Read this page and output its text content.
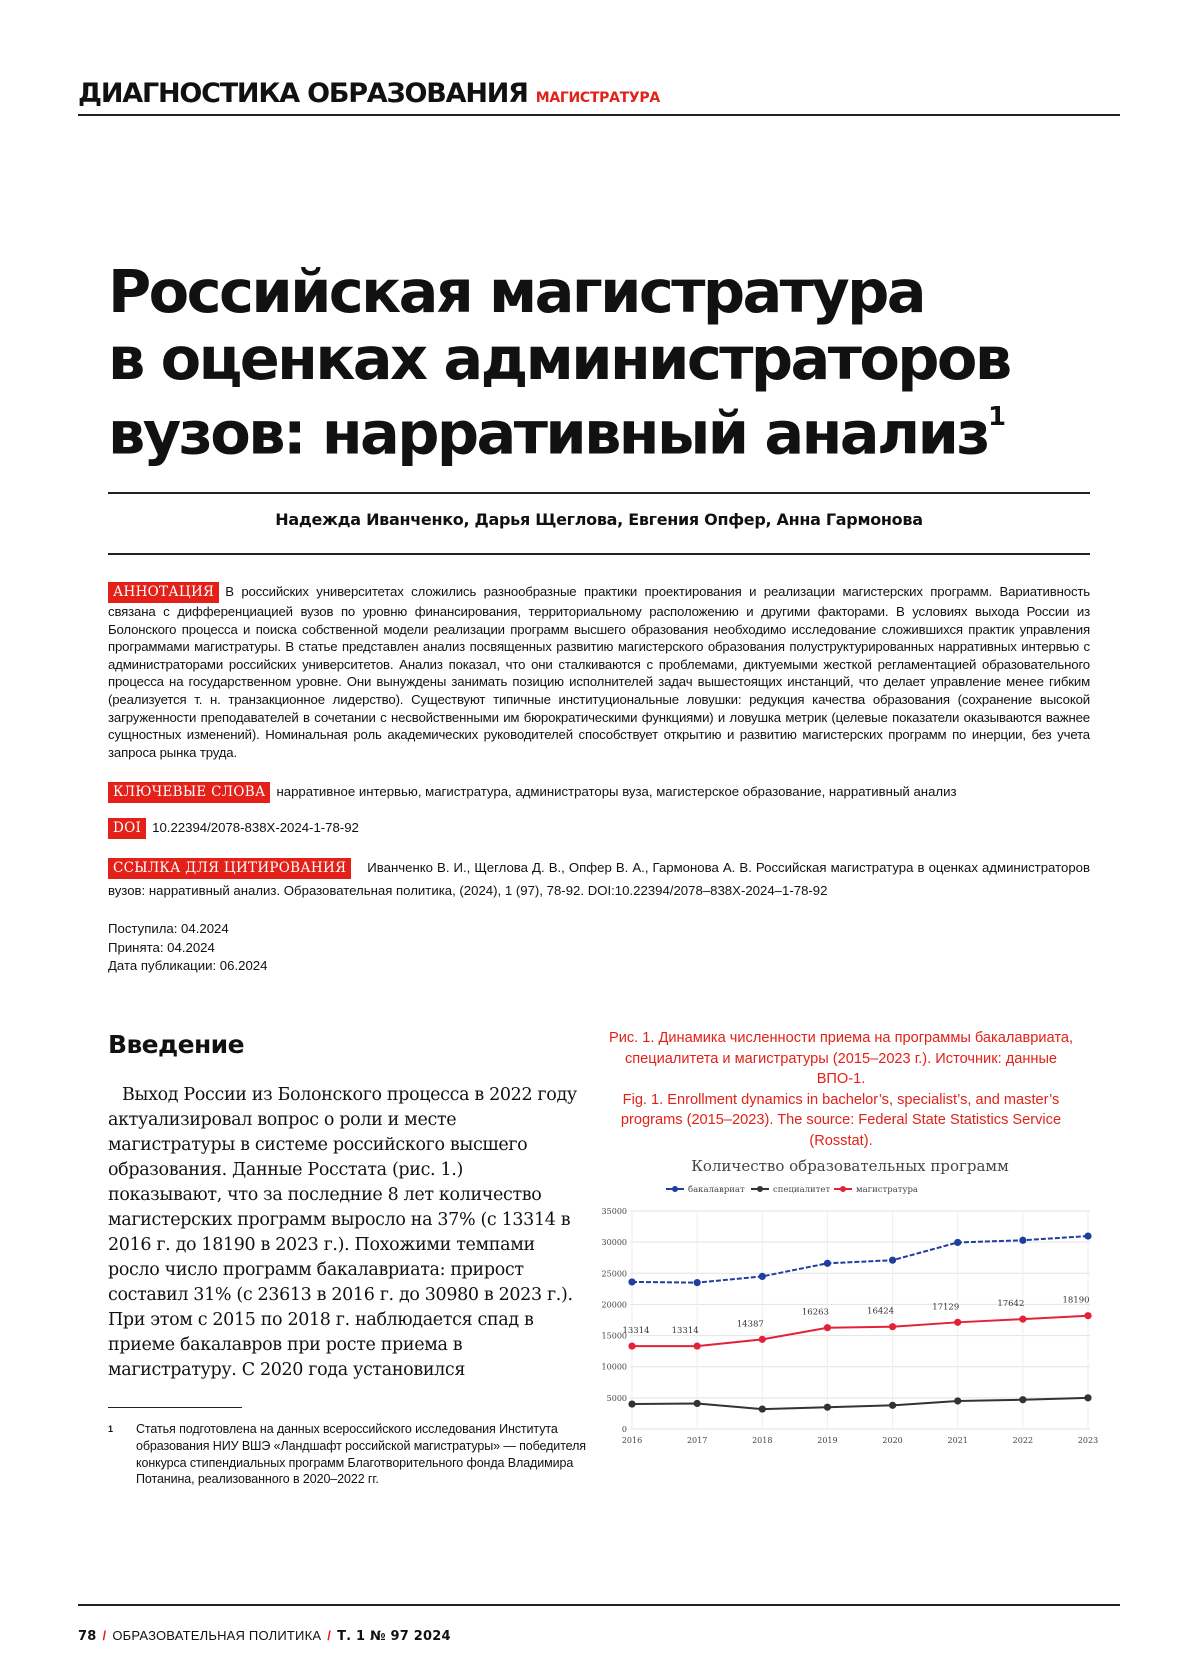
ДИАГНОСТИКА ОБРАЗОВАНИЯ МАГИСТРАТУРА
Российская магистратура
в оценках администраторов
вузов: нарративный анализ1
Надежда Иванченко, Дарья Щеглова, Евгения Опфер, Анна Гармонова
АННОТАЦИЯ В российских университетах сложились разнообразные практики проектирования и реализации магистерских программ. Вариативность связана с дифференциацией вузов по уровню финансирования, территориальному расположению и другими факторами. В условиях выхода России из Болонского процесса и поиска собственной модели реализации программ высшего образования необходимо исследование сложившихся практик управления программами магистратуры. В статье представлен анализ посвященных развитию магистерского образования полуструктурированных нарративных интервью с администраторами российских университетов. Анализ показал, что они сталкиваются с проблемами, диктуемыми жесткой регламентацией образовательного процесса на государственном уровне. Они вынуждены занимать позицию исполнителей задач вышестоящих инстанций, что делает управление менее гибким (реализуется т. н. транзакционное лидерство). Существуют типичные институциональные ловушки: редукция качества образования (сохранение высокой загруженности преподавателей в сочетании с несвойственными им бюрократическими функциями) и ловушка метрик (целевые показатели оказываются важнее сущностных изменений). Номинальная роль академических руководителей способствует открытию и развитию магистерских программ по инерции, без учета запроса рынка труда.
КЛЮЧЕВЫЕ СЛОВА нарративное интервью, магистратура, администраторы вуза, магистерское образование, нарративный анализ
DOI 10.22394/2078-838X-2024-1-78-92
ССЫЛКА ДЛЯ ЦИТИРОВАНИЯ Иванченко В. И., Щеглова Д. В., Опфер В. А., Гармонова А. В. Российская магистратура в оценках администраторов вузов: нарративный анализ. Образовательная политика, (2024), 1 (97), 78-92. DOI:10.22394/2078–838X-2024–1-78-92
Поступила: 04.2024
Принята: 04.2024
Дата публикации: 06.2024
Введение
Выход России из Болонского процесса в 2022 году актуализировал вопрос о роли и месте магистратуры в системе российского высшего образования. Данные Росстата (рис. 1.) показывают, что за последние 8 лет количество магистерских программ выросло на 37% (с 13314 в 2016 г. до 18190 в 2023 г.). Похожими темпами росло число программ бакалавриата: прирост составил 31% (с 23613 в 2016 г. до 30980 в 2023 г.). При этом с 2015 по 2018 г. наблюдается спад в приеме бакалавров при росте приема в магистратуру. С 2020 года установился
1 Статья подготовлена на данных всероссийского исследования Института образования НИУ ВШЭ «Ландшафт российской магистратуры» — победителя конкурса стипендиальных программ Благотворительного фонда Владимира Потанина, реализованного в 2020–2022 гг.
Рис. 1. Динамика численности приема на программы бакалавриата, специалитета и магистратуры (2015–2023 г.). Источник: данные ВПО-1.
Fig. 1. Enrollment dynamics in bachelor’s, specialist’s, and master’s programs (2015–2023). The source: Federal State Statistics Service (Rosstat).
Количество образовательных программ
бакалавриат	специалитет	магистратура
0
5000
10000
15000
20000
25000
30000
35000
2016	2017	2018	2019	2020	2021	2022	2023
13314	13314
14387
16263	16424	17129	17642	18190
78 / ОБРАЗОВАТЕЛЬНАЯ ПОЛИТИКА / Т. 1 № 97 2024
